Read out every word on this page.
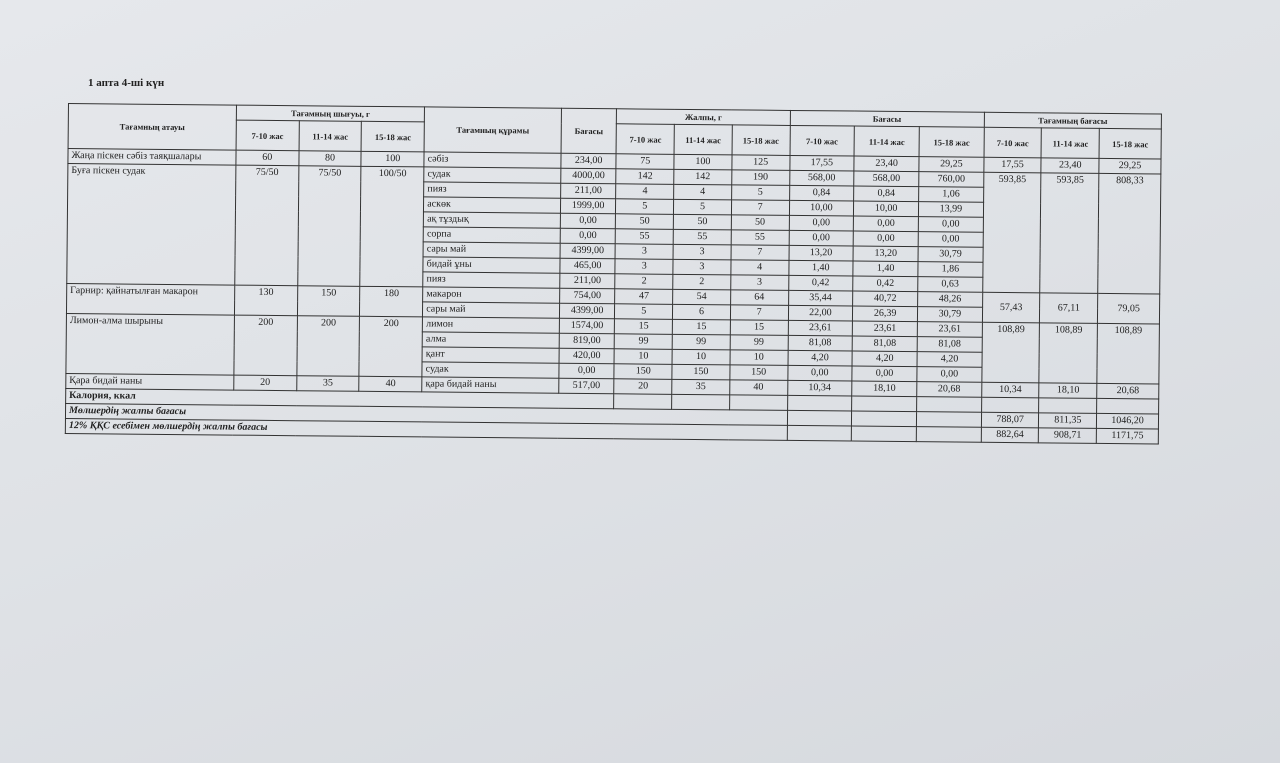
1 апта 4-ші күн
Тағамның атауы	Тағамның шығуы, г			Тағамның құрамы	Бағасы	Жалпы, г			Бағасы			Тағамның бағасы		
	7-10 жас	11-14 жас	15-18 жас			7-10 жас	11-14 жас	15-18 жас	7-10 жас	11-14 жас	15-18 жас	7-10 жас	11-14 жас	15-18 жас
Жаңа піскен сәбіз таяқшалары	60	80	100	сәбіз	234,00	75	100	125	17,55	23,40	29,25	17,55	23,40	29,25
Буға піскен судак	75/50	75/50	100/50	судак	4000,00	142	142	190	568,00	568,00	760,00	593,85	593,85	808,33
				пияз	211,00	4	4	5	0,84	0,84	1,06			
				аскөк	1999,00	5	5	7	10,00	10,00	13,99			
				ақ тұздық	0,00	50	50	50	0,00	0,00	0,00			
				сорпа	0,00	55	55	55	0,00	0,00	0,00			
				сары май	4399,00	3	3	7	13,20	13,20	30,79			
				бидай ұны	465,00	3	3	4	1,40	1,40	1,86			
				пияз	211,00	2	2	3	0,42	0,42	0,63			
Гарнир: қайнатылған макарон	130	150	180	макарон	754,00	47	54	64	35,44	40,72	48,26	57,43	67,11	79,05
				сары май	4399,00	5	6	7	22,00	26,39	30,79			
Лимон-алма шырыны	200	200	200	лимон	1574,00	15	15	15	23,61	23,61	23,61	108,89	108,89	108,89
				алма	819,00	99	99	99	81,08	81,08	81,08			
				қант	420,00	10	10	10	4,20	4,20	4,20			
				судак	0,00	150	150	150	0,00	0,00	0,00			
Қара бидай наны	20	35	40	қара бидай наны	517,00	20	35	40	10,34	18,10	20,68	10,34	18,10	20,68
Калория, ккал														
Мөлшердің жалпы бағасы												788,07	811,35	1046,20
12% ҚҚС есебімен мөлшердің жалпы бағасы												882,64	908,71	1171,75
